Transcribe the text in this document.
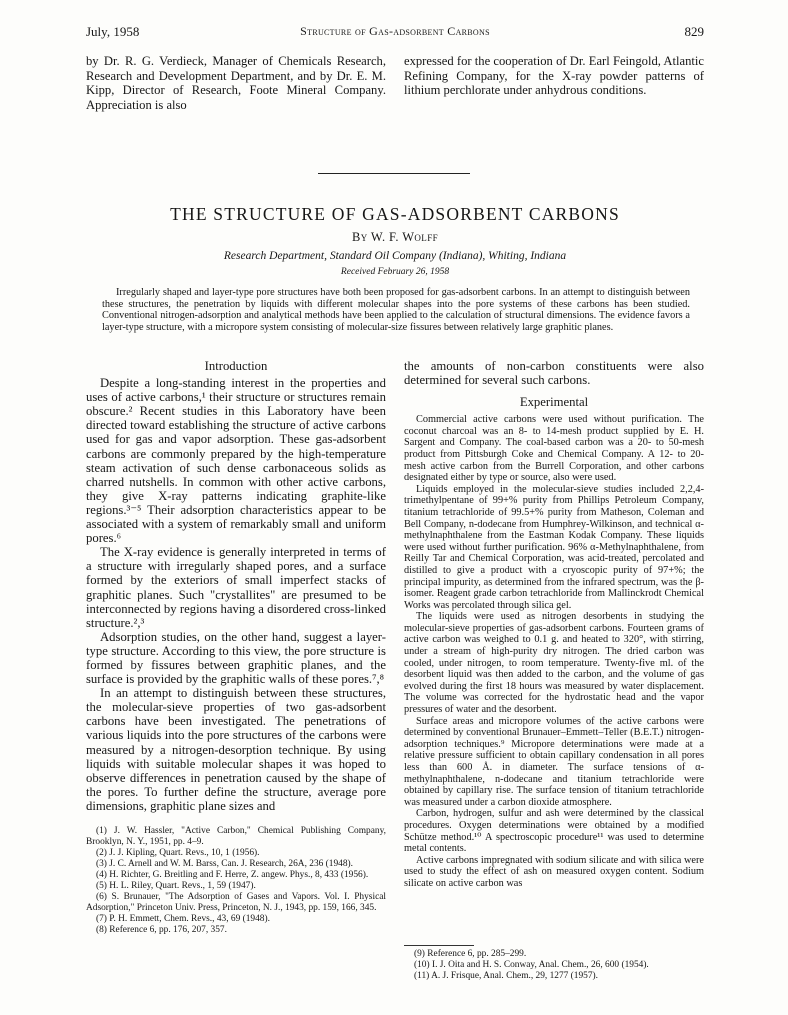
July, 1958	Structure of Gas-adsorbent Carbons	829
by Dr. R. G. Verdieck, Manager of Chemicals Research, Research and Development Department, and by Dr. E. M. Kipp, Director of Research, Foote Mineral Company. Appreciation is also
expressed for the cooperation of Dr. Earl Feingold, Atlantic Refining Company, for the X-ray powder patterns of lithium perchlorate under anhydrous conditions.
THE STRUCTURE OF GAS-ADSORBENT CARBONS
By W. F. Wolff
Research Department, Standard Oil Company (Indiana), Whiting, Indiana
Received February 26, 1958
Irregularly shaped and layer-type pore structures have both been proposed for gas-adsorbent carbons. In an attempt to distinguish between these structures, the penetration by liquids with different molecular shapes into the pore systems of these carbons has been studied. Conventional nitrogen-adsorption and analytical methods have been applied to the calculation of structural dimensions. The evidence favors a layer-type structure, with a micropore system consisting of molecular-size fissures between relatively large graphitic planes.
Introduction

Despite a long-standing interest in the properties and uses of active carbons,¹ their structure or structures remain obscure.² Recent studies in this Laboratory have been directed toward establishing the structure of active carbons used for gas and vapor adsorption. These gas-adsorbent carbons are commonly prepared by the high-temperature steam activation of such dense carbonaceous solids as charred nutshells. In common with other active carbons, they give X-ray patterns indicating graphite-like regions.³⁻⁵ Their adsorption characteristics appear to be associated with a system of remarkably small and uniform pores.⁶

The X-ray evidence is generally interpreted in terms of a structure with irregularly shaped pores, and a surface formed by the exteriors of small imperfect stacks of graphitic planes. Such "crystallites" are presumed to be interconnected by regions having a disordered cross-linked structure.²,³

Adsorption studies, on the other hand, suggest a layer-type structure. According to this view, the pore structure is formed by fissures between graphitic planes, and the surface is provided by the graphitic walls of these pores.⁷,⁸

In an attempt to distinguish between these structures, the molecular-sieve properties of two gas-adsorbent carbons have been investigated. The penetrations of various liquids into the pore structures of the carbons were measured by a nitrogen-desorption technique. By using liquids with suitable molecular shapes it was hoped to observe differences in penetration caused by the shape of the pores. To further define the structure, average pore dimensions, graphitic plane sizes and

(1) J. W. Hassler, "Active Carbon," Chemical Publishing Company, Brooklyn, N. Y., 1951, pp. 4–9.

(2) J. J. Kipling, Quart. Revs., 10, 1 (1956).

(3) J. C. Arnell and W. M. Barss, Can. J. Research, 26A, 236 (1948).

(4) H. Richter, G. Breitling and F. Herre, Z. angew. Phys., 8, 433 (1956).

(5) H. L. Riley, Quart. Revs., 1, 59 (1947).

(6) S. Brunauer, "The Adsorption of Gases and Vapors. Vol. I. Physical Adsorption," Princeton Univ. Press, Princeton, N. J., 1943, pp. 159, 166, 345.

(7) P. H. Emmett, Chem. Revs., 43, 69 (1948).

(8) Reference 6, pp. 176, 207, 357.

the amounts of non-carbon constituents were also determined for several such carbons.

Experimental

Commercial active carbons were used without purification. The coconut charcoal was an 8- to 14-mesh product supplied by E. H. Sargent and Company. The coal-based carbon was a 20- to 50-mesh product from Pittsburgh Coke and Chemical Company. A 12- to 20-mesh active carbon from the Burrell Corporation, and other carbons designated either by type or source, also were used.

Liquids employed in the molecular-sieve studies included 2,2,4-trimethylpentane of 99+% purity from Phillips Petroleum Company, titanium tetrachloride of 99.5+% purity from Matheson, Coleman and Bell Company, n-dodecane from Humphrey-Wilkinson, and technical α-methylnaphthalene from the Eastman Kodak Company. These liquids were used without further purification. 96% α-Methylnaphthalene, from Reilly Tar and Chemical Corporation, was acid-treated, percolated and distilled to give a product with a cryoscopic purity of 97+%; the principal impurity, as determined from the infrared spectrum, was the β-isomer. Reagent grade carbon tetrachloride from Mallinckrodt Chemical Works was percolated through silica gel.

The liquids were used as nitrogen desorbents in studying the molecular-sieve properties of gas-adsorbent carbons. Fourteen grams of active carbon was weighed to 0.1 g. and heated to 320°, with stirring, under a stream of high-purity dry nitrogen. The dried carbon was cooled, under nitrogen, to room temperature. Twenty-five ml. of the desorbent liquid was then added to the carbon, and the volume of gas evolved during the first 18 hours was measured by water displacement. The volume was corrected for the hydrostatic head and the vapor pressures of water and the desorbent.

Surface areas and micropore volumes of the active carbons were determined by conventional Brunauer–Emmett–Teller (B.E.T.) nitrogen-adsorption techniques.⁹ Micropore determinations were made at a relative pressure sufficient to obtain capillary condensation in all pores less than 600 Å. in diameter. The surface tensions of α-methylnaphthalene, n-dodecane and titanium tetrachloride were obtained by capillary rise. The surface tension of titanium tetrachloride was measured under a carbon dioxide atmosphere.

Carbon, hydrogen, sulfur and ash were determined by the classical procedures. Oxygen determinations were obtained by a modified Schütze method.¹⁰ A spectroscopic procedure¹¹ was used to determine metal contents.

Active carbons impregnated with sodium silicate and with silica were used to study the effect of ash on measured oxygen content. Sodium silicate on active carbon was

(9) Reference 6, pp. 285–299.

(10) I. J. Oita and H. S. Conway, Anal. Chem., 26, 600 (1954).

(11) A. J. Frisque, Anal. Chem., 29, 1277 (1957).
